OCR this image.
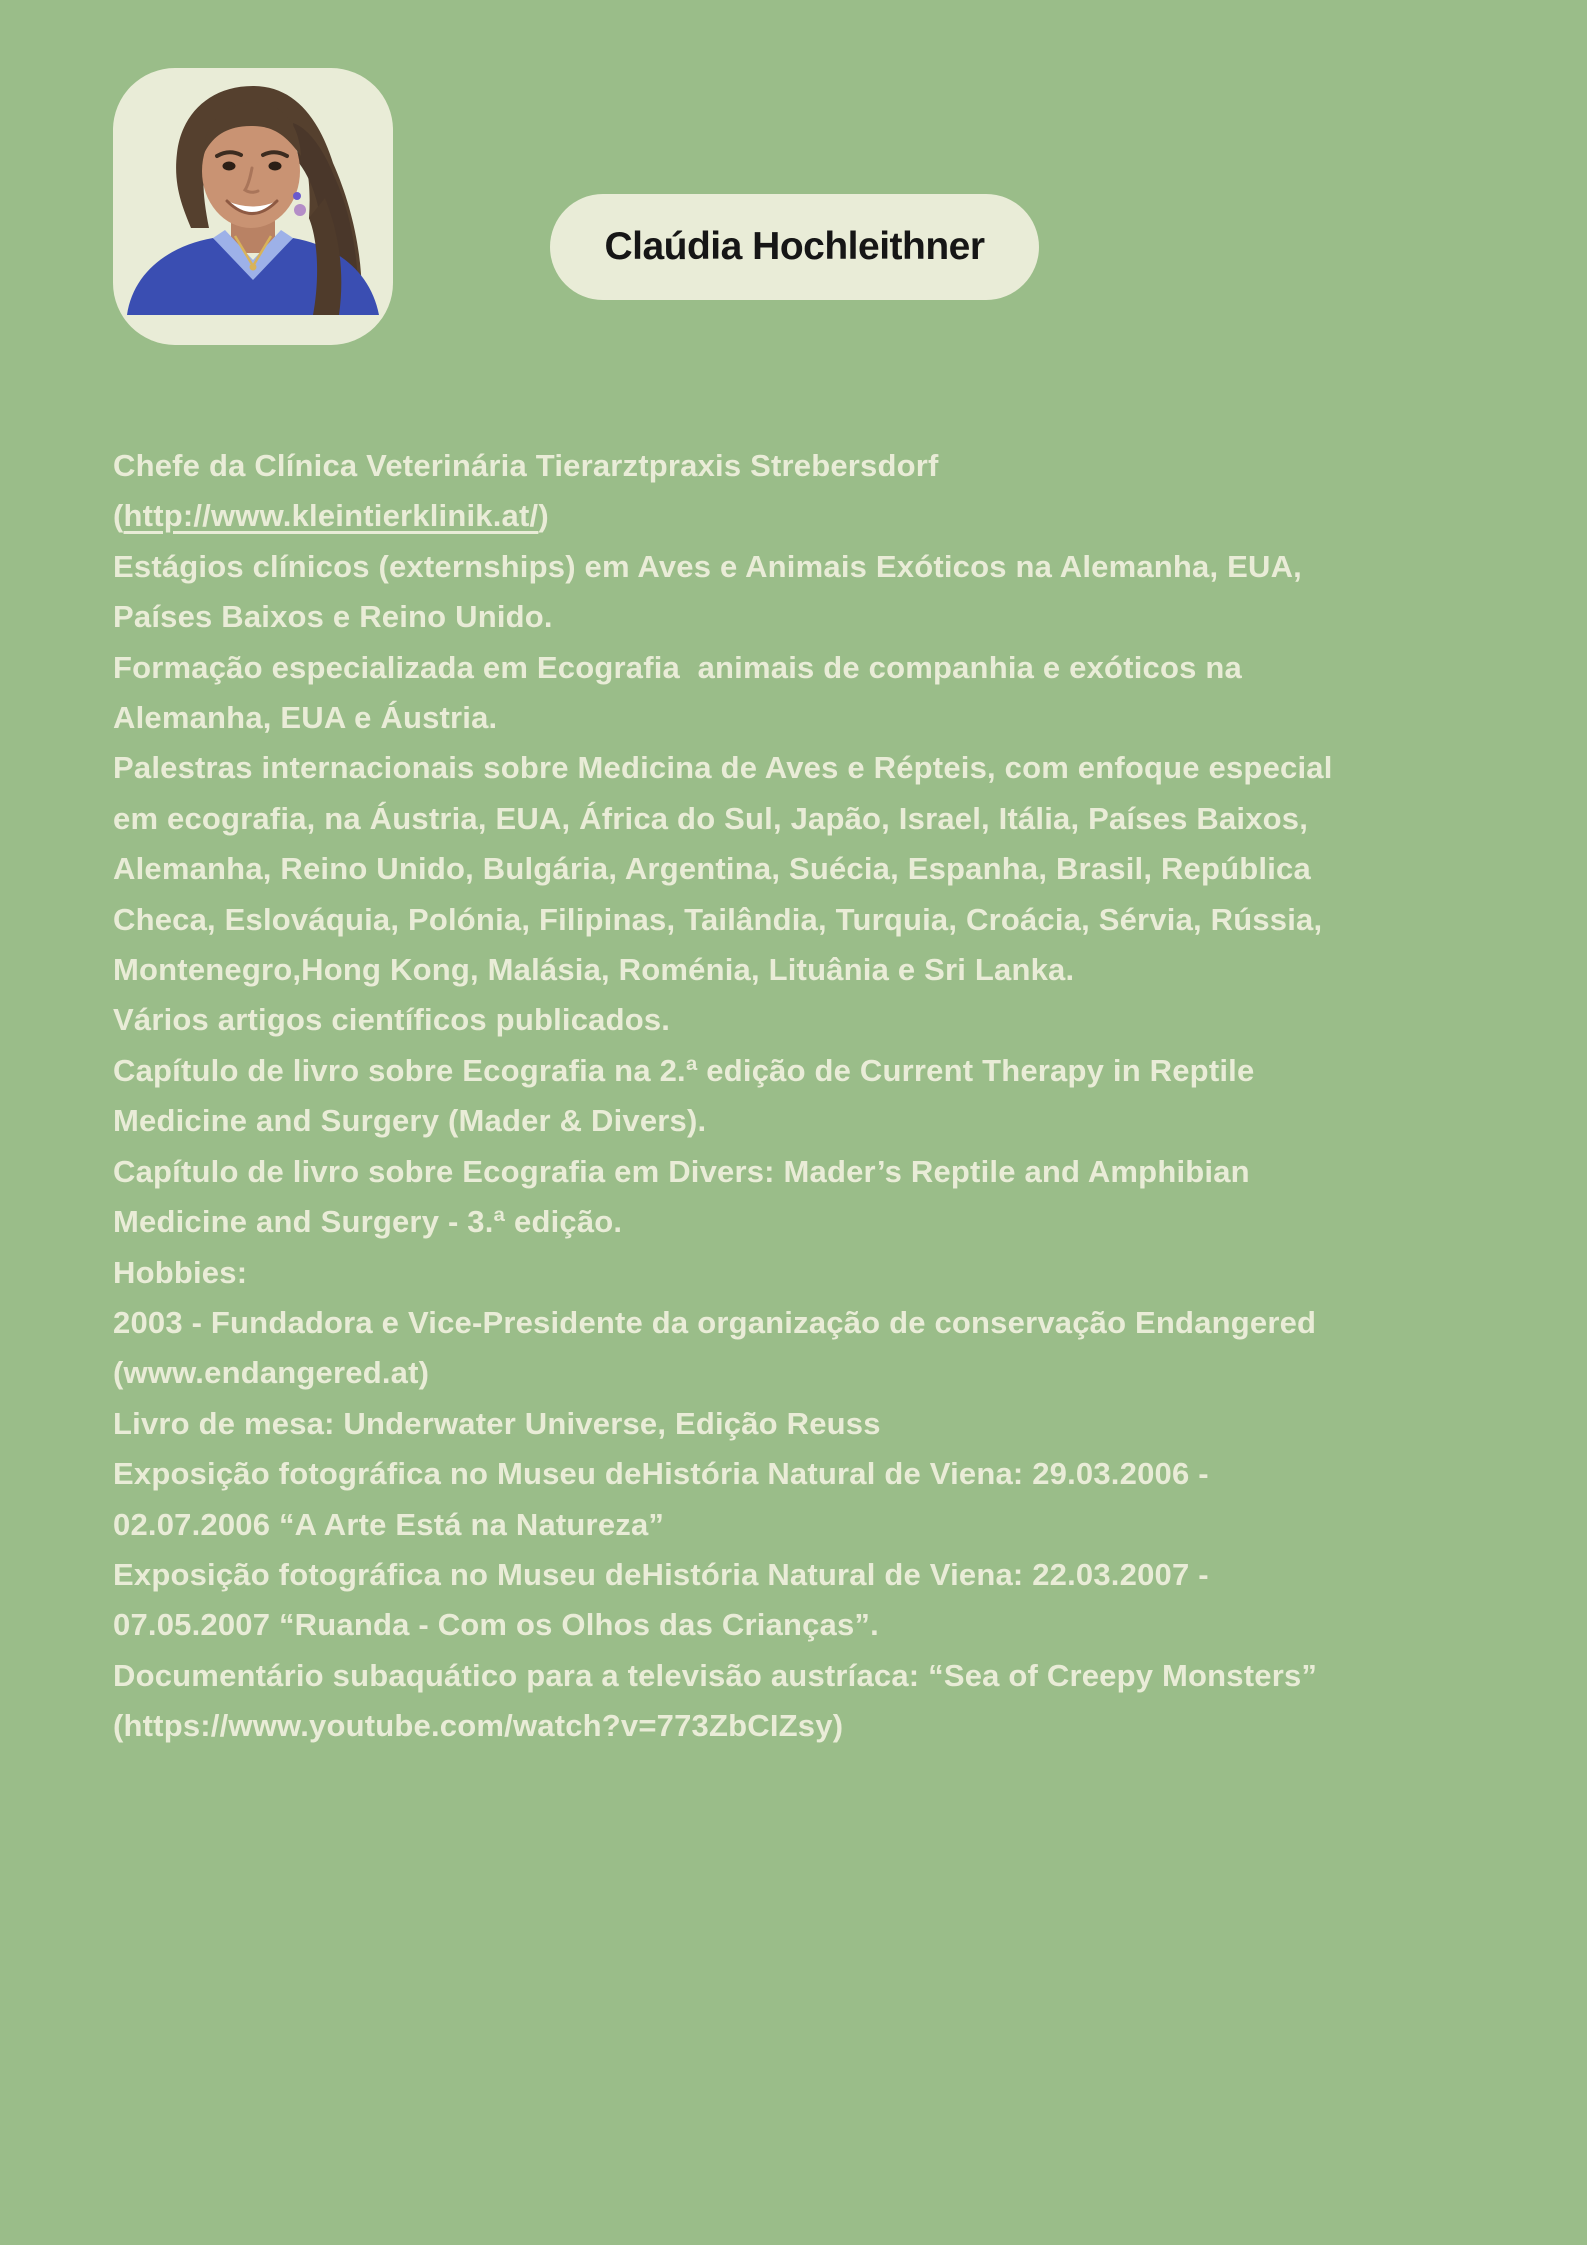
Claúdia Hochleithner
Chefe da Clínica Veterinária Tierarztpraxis Strebersdorf
(http://www.kleintierklinik.at/)
Estágios clínicos (externships) em Aves e Animais Exóticos na Alemanha, EUA,
Países Baixos e Reino Unido.
Formação especializada em Ecografia  animais de companhia e exóticos na
Alemanha, EUA e Áustria.
Palestras internacionais sobre Medicina de Aves e Répteis, com enfoque especial
em ecografia, na Áustria, EUA, África do Sul, Japão, Israel, Itália, Países Baixos,
Alemanha, Reino Unido, Bulgária, Argentina, Suécia, Espanha, Brasil, República
Checa, Eslováquia, Polónia, Filipinas, Tailândia, Turquia, Croácia, Sérvia, Rússia,
Montenegro,Hong Kong, Malásia, Roménia, Lituânia e Sri Lanka.
Vários artigos científicos publicados.
Capítulo de livro sobre Ecografia na 2.ª edição de Current Therapy in Reptile
Medicine and Surgery (Mader & Divers).
Capítulo de livro sobre Ecografia em Divers: Mader’s Reptile and Amphibian
Medicine and Surgery - 3.ª edição.
Hobbies:
2003 - Fundadora e Vice-Presidente da organização de conservação Endangered
(www.endangered.at)
Livro de mesa: Underwater Universe, Edição Reuss
Exposição fotográfica no Museu deHistória Natural de Viena: 29.03.2006 -
02.07.2006 “A Arte Está na Natureza”
Exposição fotográfica no Museu deHistória Natural de Viena: 22.03.2007 -
07.05.2007 “Ruanda - Com os Olhos das Crianças”.
Documentário subaquático para a televisão austríaca: “Sea of Creepy Monsters”
(https://www.youtube.com/watch?v=773ZbCIZsy)
